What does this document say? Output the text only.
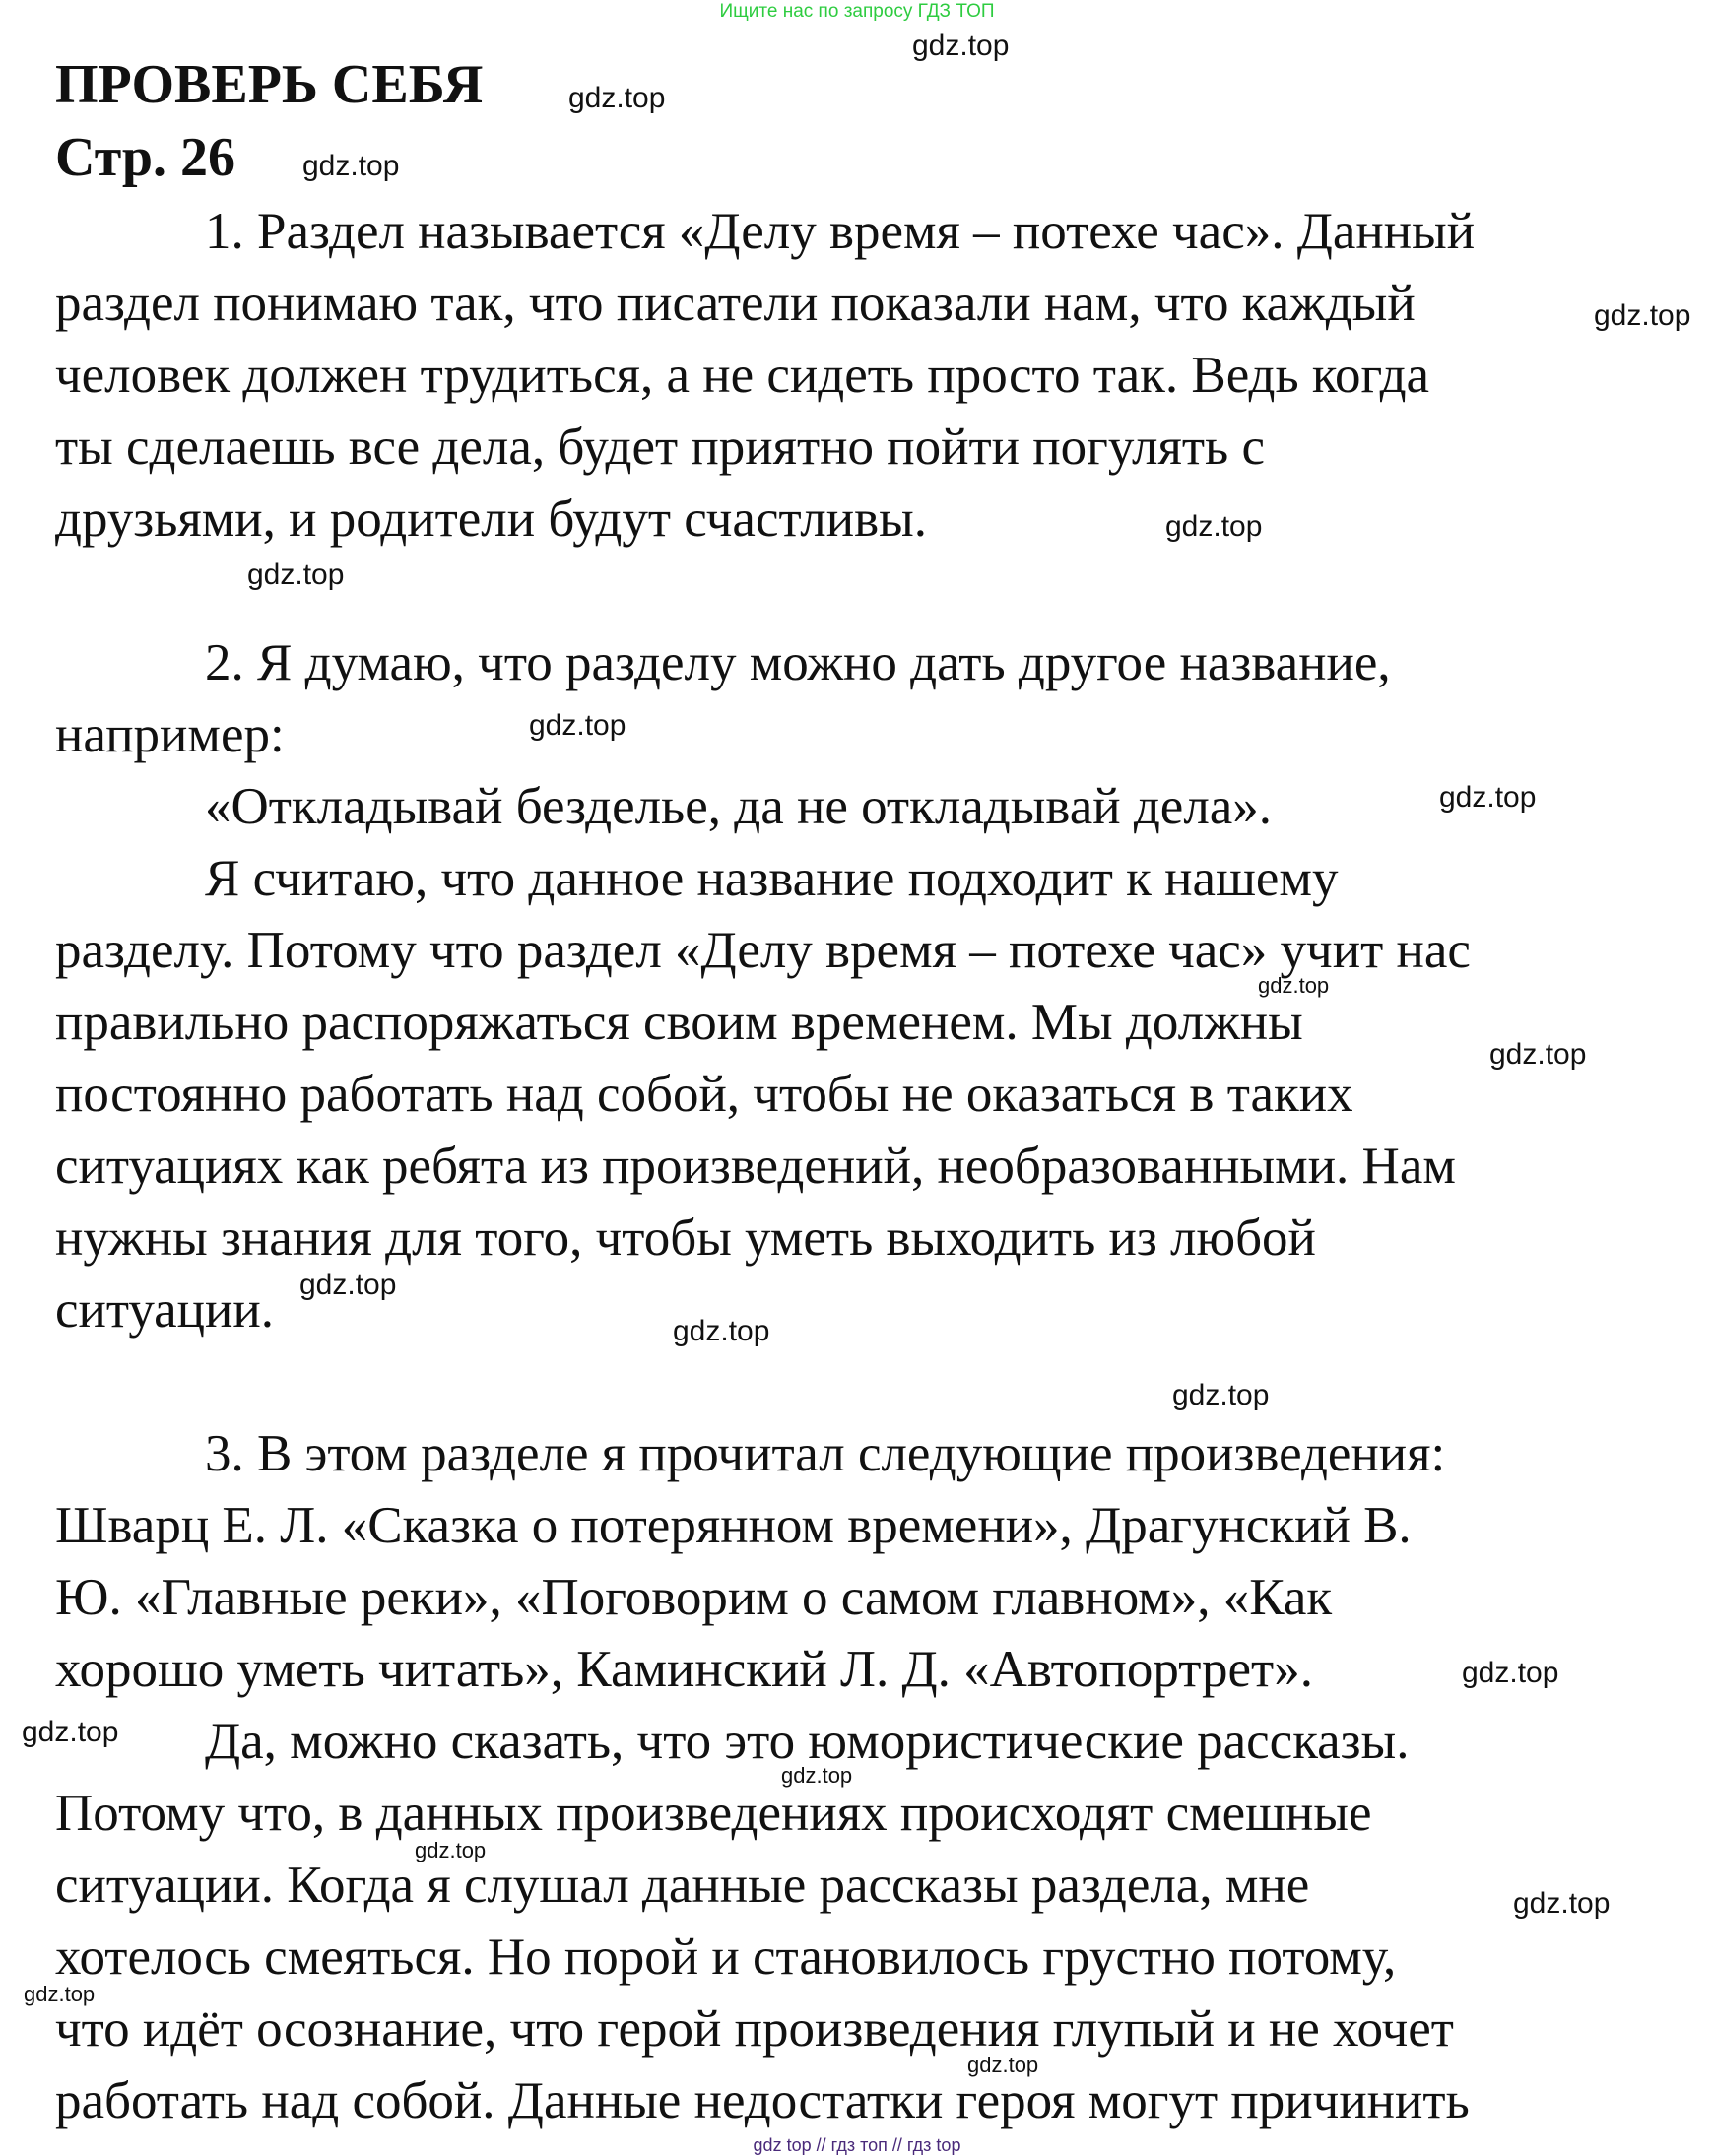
Ищите нас по запросу ГДЗ ТОП
ПРОВЕРЬ СЕБЯ
Стр. 26
1. Раздел называется «Делу время – потехе час». Данный
раздел понимаю так, что писатели показали нам, что каждый
человек должен трудиться, а не сидеть просто так. Ведь когда
ты сделаешь все дела, будет приятно пойти погулять с
друзьями, и родители будут счастливы.
2. Я думаю, что разделу можно дать другое название,
например:
«Откладывай безделье, да не откладывай дела».
Я считаю, что данное название подходит к нашему
разделу. Потому что раздел «Делу время – потехе час» учит нас
правильно распоряжаться своим временем. Мы должны
постоянно работать над собой, чтобы не оказаться в таких
ситуациях как ребята из произведений, необразованными. Нам
нужны знания для того, чтобы уметь выходить из любой
ситуации.
3. В этом разделе я прочитал следующие произведения:
Шварц Е. Л. «Сказка о потерянном времени», Драгунский В.
Ю. «Главные реки», «Поговорим о самом главном», «Как
хорошо уметь читать», Каминский Л. Д. «Автопортрет».
Да, можно сказать, что это юмористические рассказы.
Потому что, в данных произведениях происходят смешные
ситуации. Когда я слушал данные рассказы раздела, мне
хотелось смеяться. Но порой и становилось грустно потому,
что идёт осознание, что герой произведения глупый и не хочет
работать над собой. Данные недостатки героя могут причинить
gdz.top
gdz.top
gdz.top
gdz.top
gdz.top
gdz.top
gdz.top
gdz.top
gdz.top
gdz.top
gdz.top
gdz.top
gdz.top
gdz.top
gdz.top
gdz.top
gdz.top
gdz.top
gdz.top
gdz.top
gdz top // гдз топ // гдз top
